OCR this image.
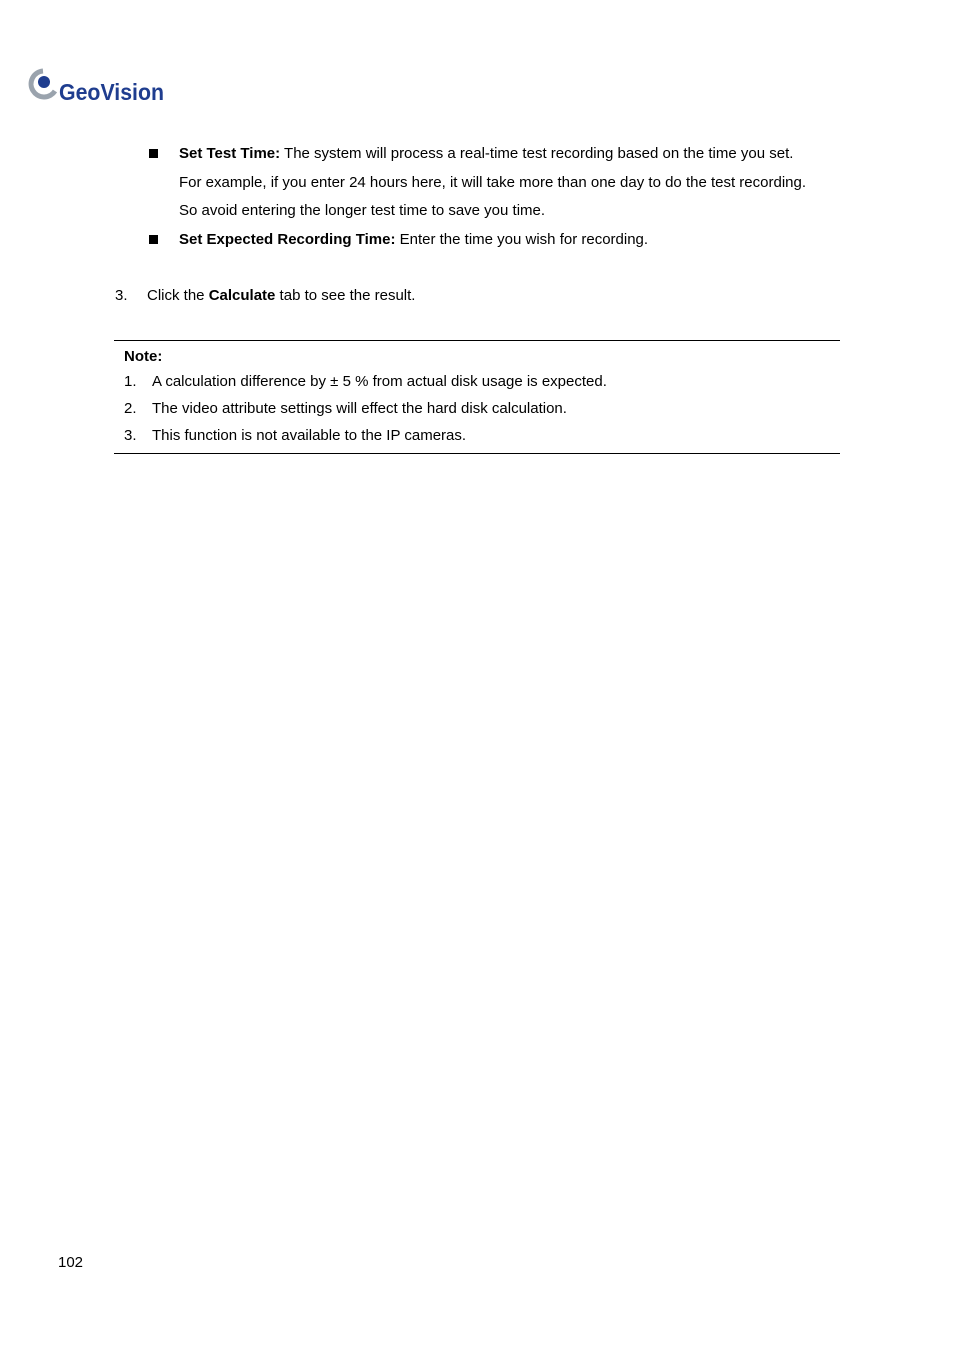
GeoVision
Set Test Time: The system will process a real-time test recording based on the time you set.
For example, if you enter 24 hours here, it will take more than one day to do the test recording.
So avoid entering the longer test time to save you time.
Set Expected Recording Time: Enter the time you wish for recording.
3. Click the Calculate tab to see the result.
Note:
1. A calculation difference by ± 5 % from actual disk usage is expected.
2. The video attribute settings will effect the hard disk calculation.
3. This function is not available to the IP cameras.
102
